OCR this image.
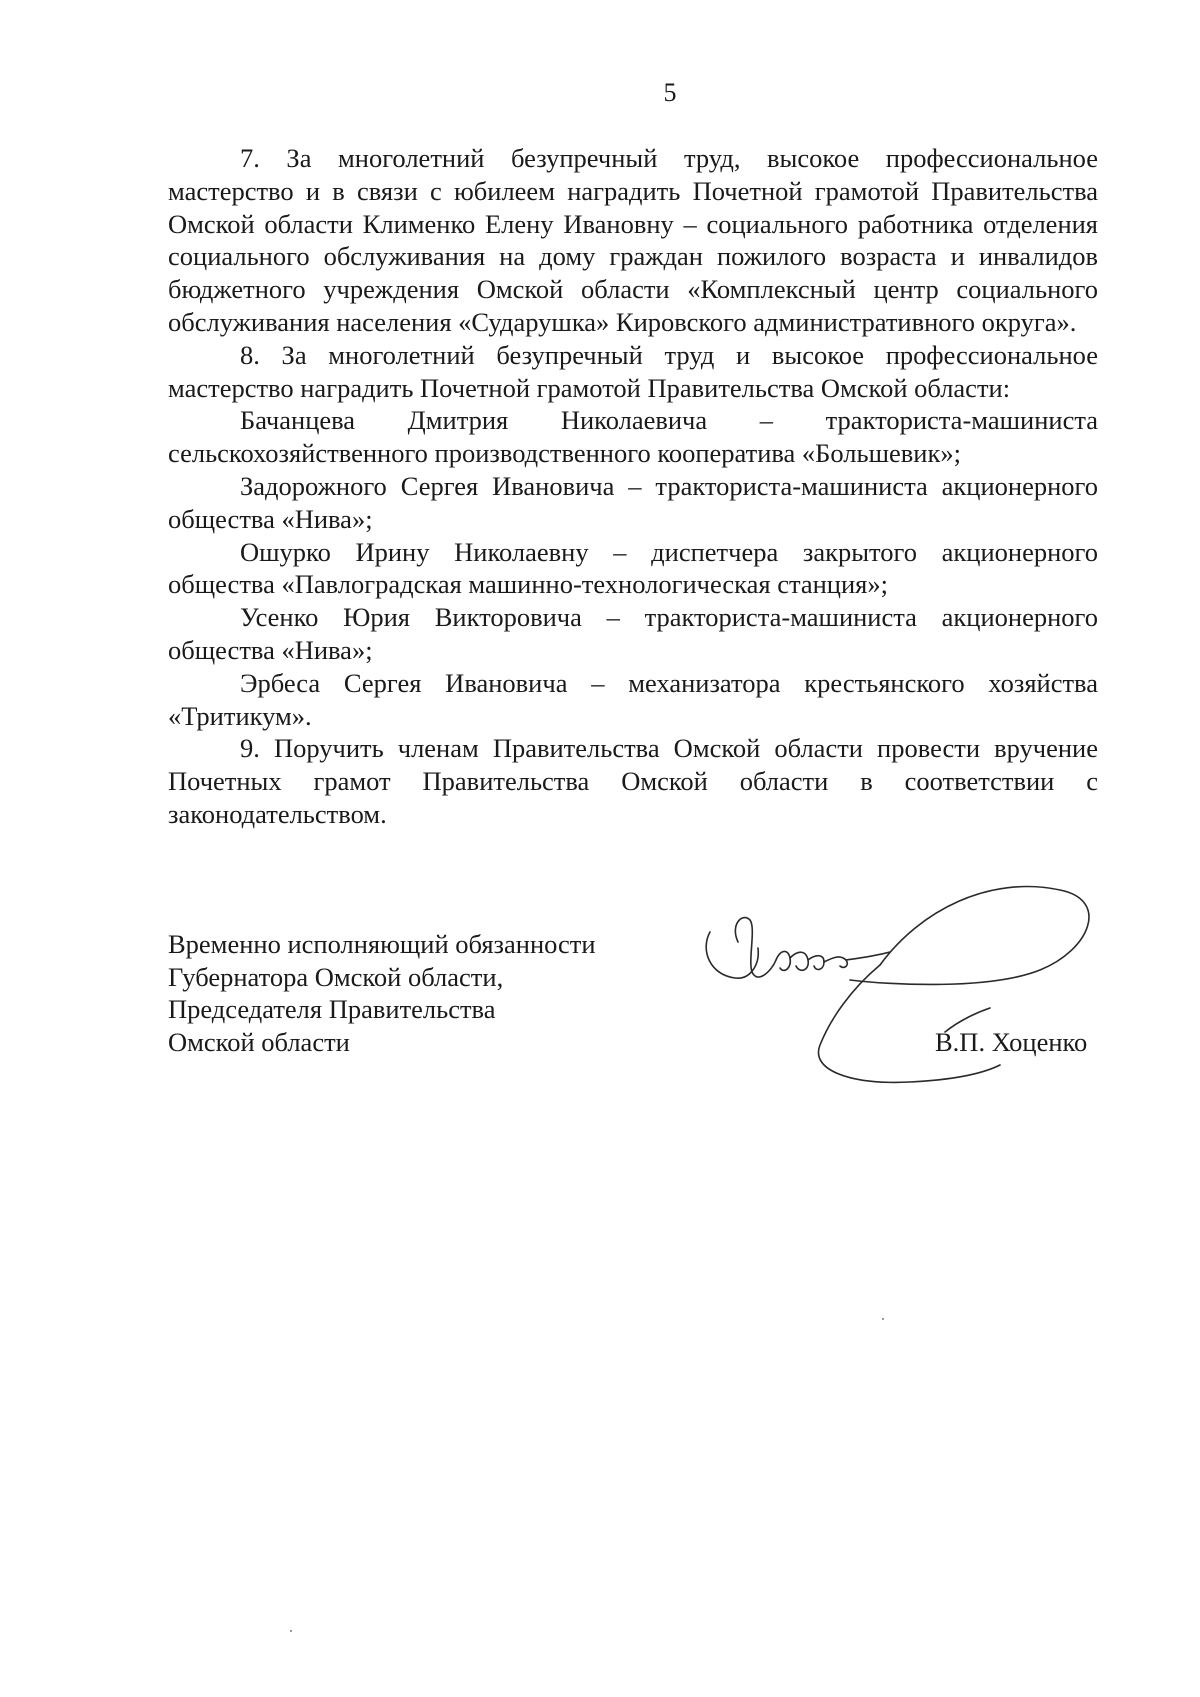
5

7. За многолетний безупречный труд, высокое профессиональное мастерство и в связи с юбилеем наградить Почетной грамотой Правительства Омской области Клименко Елену Ивановну – социального работника отделения социального обслуживания на дому граждан пожилого возраста и инвалидов бюджетного учреждения Омской области «Комплексный центр социального обслуживания населения «Сударушка» Кировского административного округа».

8. За многолетний безупречный труд и высокое профессиональное мастерство наградить Почетной грамотой Правительства Омской области:

Бачанцева Дмитрия Николаевича – тракториста-машиниста сельскохозяйственного производственного кооператива «Большевик»;

Задорожного Сергея Ивановича – тракториста-машиниста акционерного общества «Нива»;

Ошурко Ирину Николаевну – диспетчера закрытого акционерного общества «Павлоградская машинно-технологическая станция»;

Усенко Юрия Викторовича – тракториста-машиниста акционерного общества «Нива»;

Эрбеса Сергея Ивановича – механизатора крестьянского хозяйства «Тритикум».

9. Поручить членам Правительства Омской области провести вручение Почетных грамот Правительства Омской области в соответствии с законодательством.

Временно исполняющий обязанности
Губернатора Омской области,
Председателя Правительства
Омской области	В.П. Хоценко
